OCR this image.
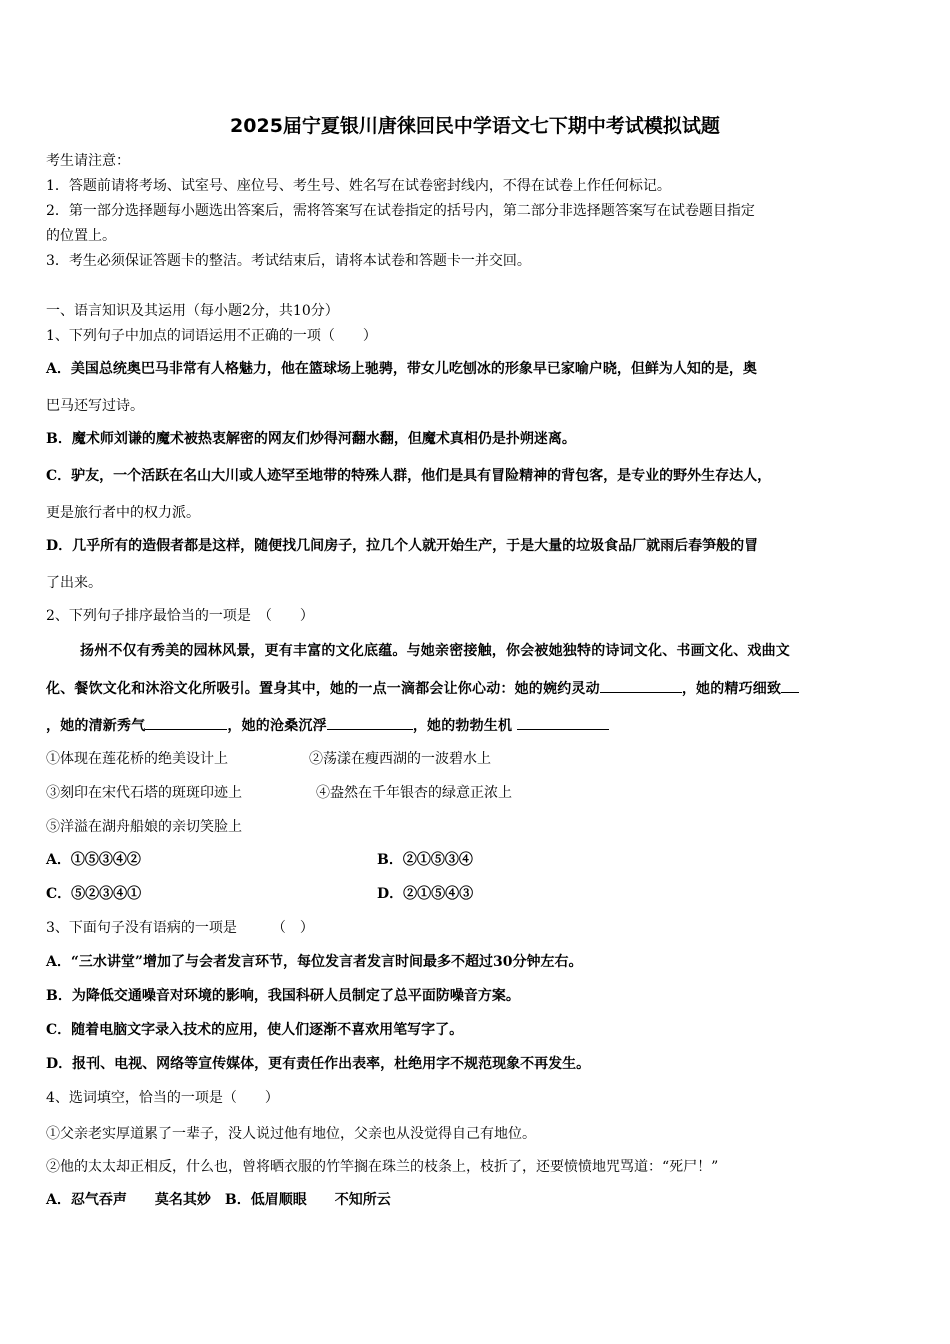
2025届宁夏银川唐徕回民中学语文七下期中考试模拟试题
考生请注意：
1．答题前请将考场、试室号、座位号、考生号、姓名写在试卷密封线内，不得在试卷上作任何标记。
2．第一部分选择题每小题选出答案后，需将答案写在试卷指定的括号内，第二部分非选择题答案写在试卷题目指定
的位置上。
3．考生必须保证答题卡的整洁。考试结束后，请将本试卷和答题卡一并交回。
一、语言知识及其运用（每小题2分，共10分）
1、下列句子中加点的词语运用不正确的一项（　　）
A．美国总统奥巴马非常有人格魅力，他在篮球场上驰骋，带女儿吃刨冰的形象早已家喻户晓，但鲜为人知的是，奥
巴马还写过诗。
B．魔术师刘谦的魔术被热衷解密的网友们炒得河翻水翻，但魔术真相仍是扑朔迷离。
C．驴友，一个活跃在名山大川或人迹罕至地带的特殊人群，他们是具有冒险精神的背包客，是专业的野外生存达人，
更是旅行者中的权力派。
D．几乎所有的造假者都是这样，随便找几间房子，拉几个人就开始生产，于是大量的垃圾食品厂就雨后春笋般的冒
了出来。
2、下列句子排序最恰当的一项是　（　　）
扬州不仅有秀美的园林风景，更有丰富的文化底蕴。与她亲密接触，你会被她独特的诗词文化、书画文化、戏曲文
化、餐饮文化和沐浴文化所吸引。置身其中，她的一点一滴都会让你心动：她的婉约灵动	，她的精巧细致
，她的清新秀气	，她的沧桑沉浮	，她的勃勃生机
①体现在莲花桥的绝美设计上	②荡漾在瘦西湖的一波碧水上
③刻印在宋代石塔的斑斑印迹上	④盎然在千年银杏的绿意正浓上
⑤洋溢在湖舟船娘的亲切笑脸上
A．①⑤③④②	B．②①⑤③④
C．⑤②③④①	D．②①⑤④③
3、下面句子没有语病的一项是　　　（　）
A．“三水讲堂”增加了与会者发言环节，每位发言者发言时间最多不超过30分钟左右。
B．为降低交通噪音对环境的影响，我国科研人员制定了总平面防噪音方案。
C．随着电脑文字录入技术的应用，使人们逐渐不喜欢用笔写字了。
D．报刊、电视、网络等宣传媒体，更有责任作出表率，杜绝用字不规范现象不再发生。
4、选词填空，恰当的一项是（　　）
①父亲老实厚道累了一辈子，没人说过他有地位，父亲也从没觉得自己有地位。
②他的太太却正相反，什么也，曾将晒衣服的竹竿搁在珠兰的枝条上，枝折了，还要愤愤地咒骂道：“死尸！”
A．忍气吞声　　莫名其妙　B．低眉顺眼　　不知所云
